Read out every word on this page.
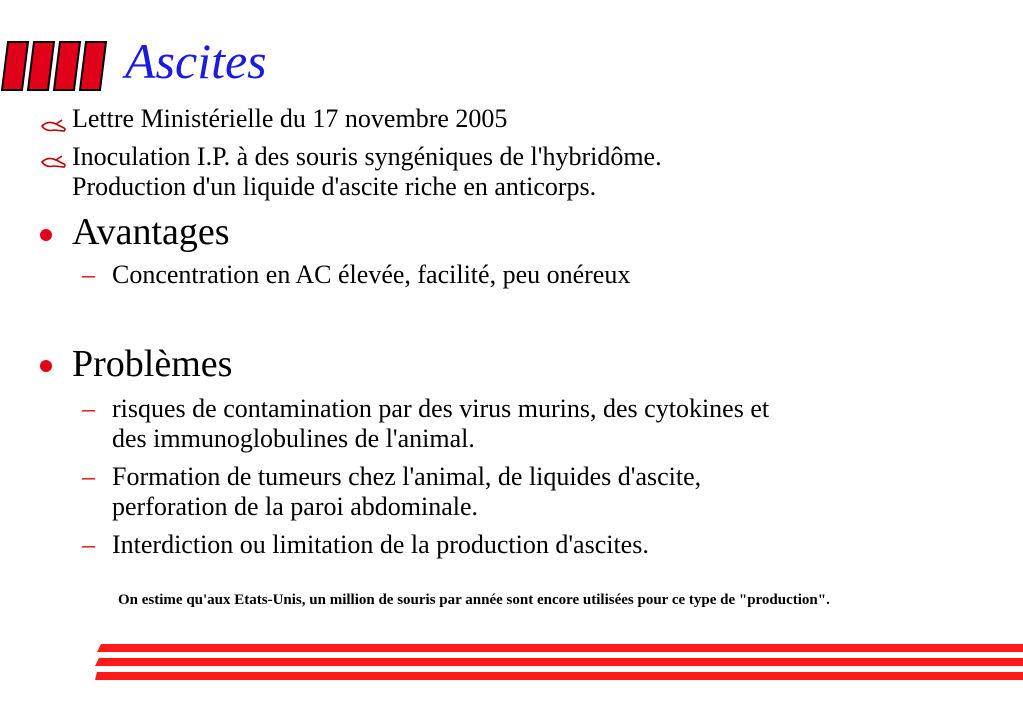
Ascites
Lettre Ministérielle du 17 novembre 2005
Inoculation I.P. à des souris syngéniques de l'hybridôme.
Production d'un liquide d'ascite riche en anticorps.
Avantages
– Concentration en AC élevée, facilité, peu onéreux
Problèmes
– risques de contamination par des virus murins, des cytokines et
des immunoglobulines de l'animal.
– Formation de tumeurs chez l'animal, de liquides d'ascite,
perforation de la paroi abdominale.
– Interdiction ou limitation de la production d'ascites.
On estime qu'aux Etats-Unis, un million de souris par année sont encore utilisées pour ce type de "production".
